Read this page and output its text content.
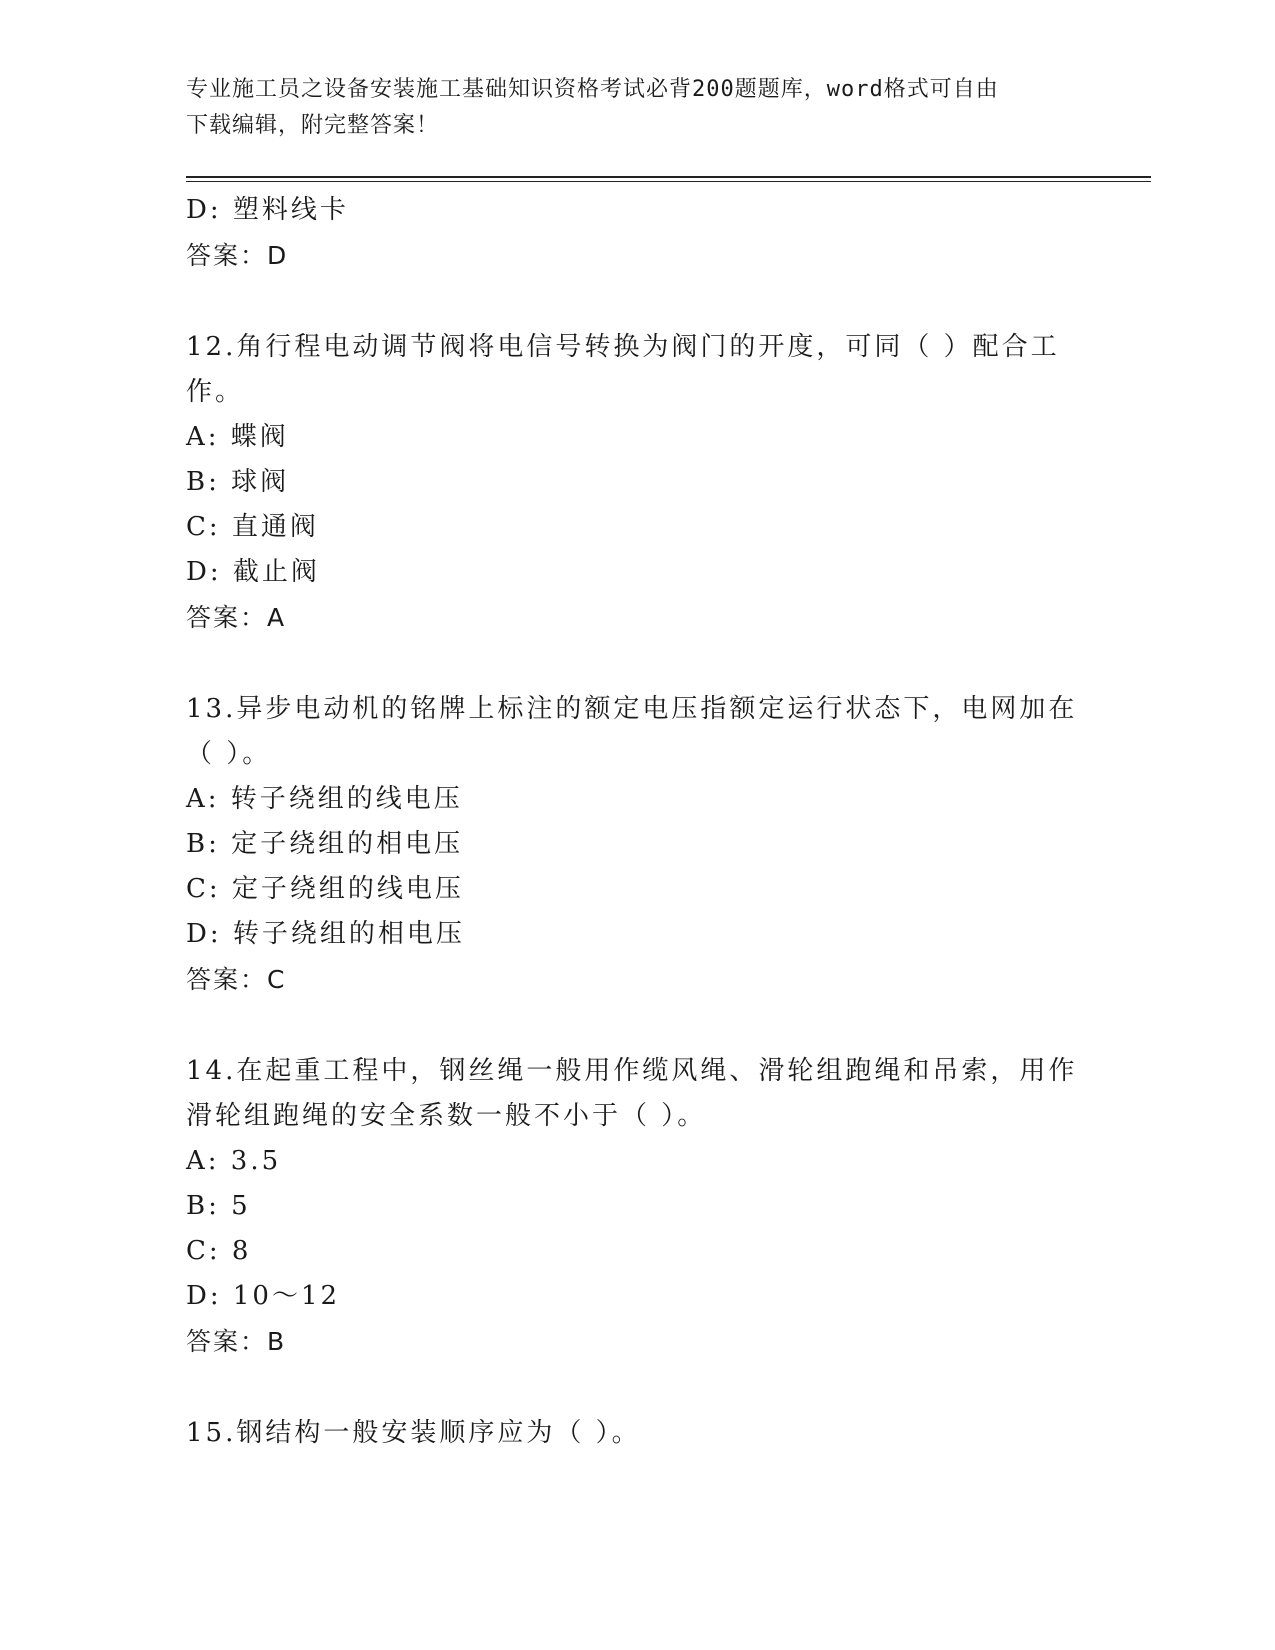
专业施工员之设备安装施工基础知识资格考试必背200题题库，word格式可自由
下载编辑，附完整答案！
D: 塑料线卡
答案：D
12.角行程电动调节阀将电信号转换为阀门的开度，可同（ ）配合工
作。
A: 蝶阀
B: 球阀
C: 直通阀
D: 截止阀
答案：A
13.异步电动机的铭牌上标注的额定电压指额定运行状态下，电网加在
（ ）。
A: 转子绕组的线电压
B: 定子绕组的相电压
C: 定子绕组的线电压
D: 转子绕组的相电压
答案：C
14.在起重工程中，钢丝绳一般用作缆风绳、滑轮组跑绳和吊索，用作
滑轮组跑绳的安全系数一般不小于（ ）。
A: 3.5
B: 5
C: 8
D: 10～12
答案：B
15.钢结构一般安装顺序应为（ ）。
